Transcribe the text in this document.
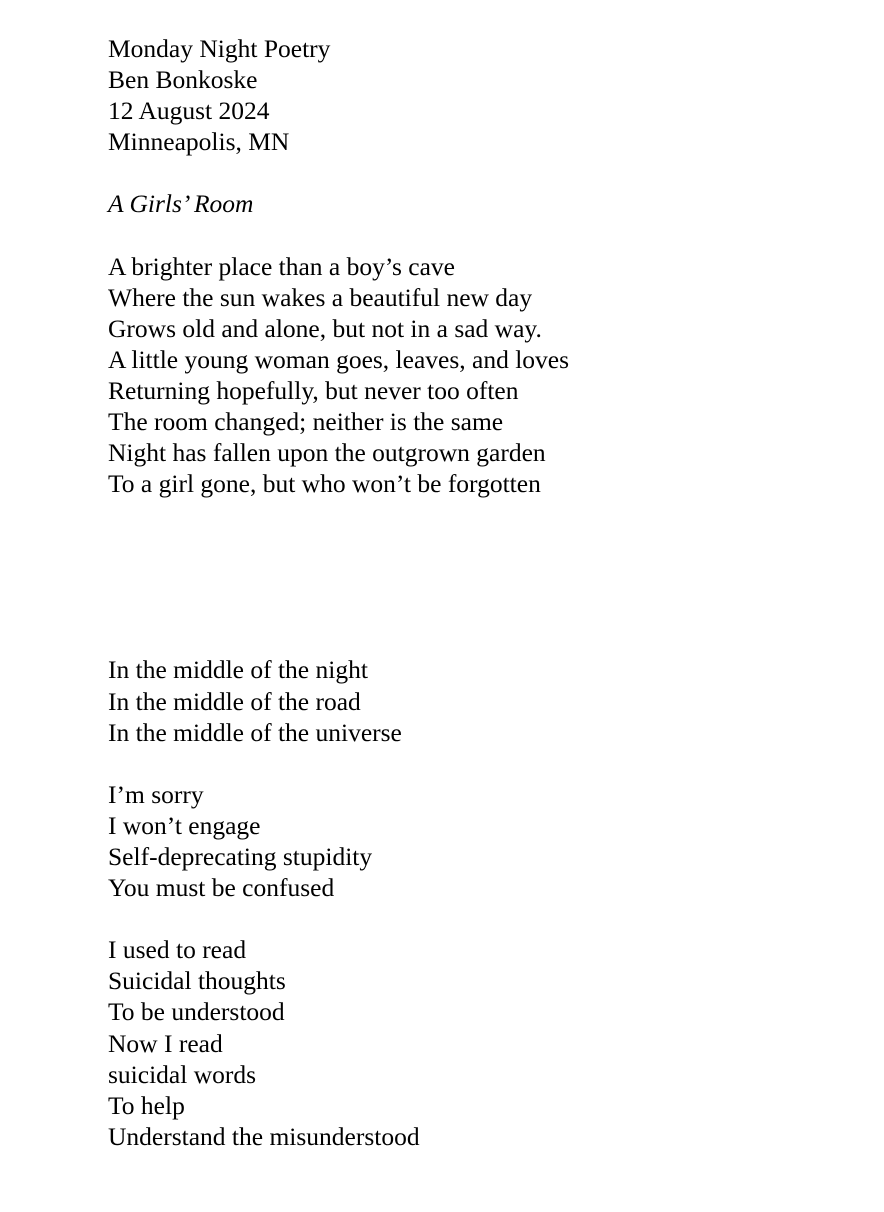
Monday Night Poetry
Ben Bonkoske
12 August 2024
Minneapolis, MN
A Girls’ Room
A brighter place than a boy’s cave
Where the sun wakes a beautiful new day
Grows old and alone, but not in a sad way.
A little young woman goes, leaves, and loves
Returning hopefully, but never too often
The room changed; neither is the same
Night has fallen upon the outgrown garden
To a girl gone, but who won’t be forgotten
In the middle of the night
In the middle of the road
In the middle of the universe
I’m sorry
I won’t engage
Self-deprecating stupidity
You must be confused
I used to read
Suicidal thoughts
To be understood
Now I read
suicidal words
To help
Understand the misunderstood
